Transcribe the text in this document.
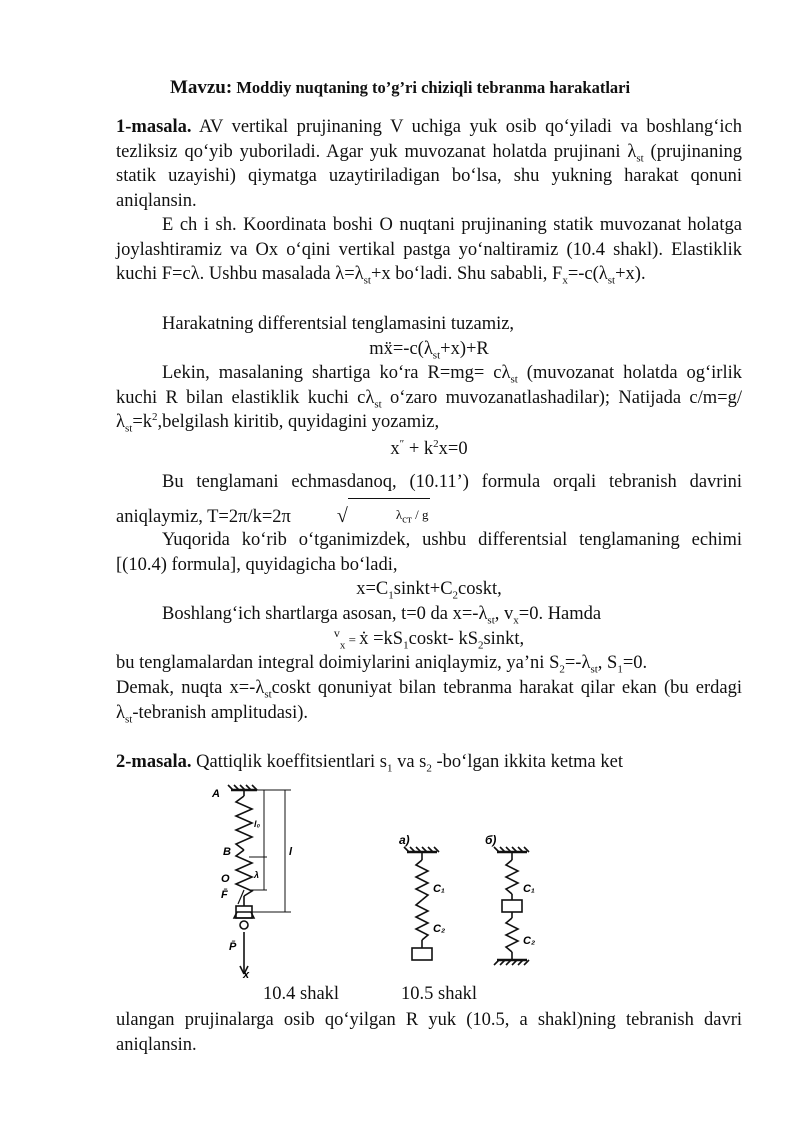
Mavzu: Moddiy nuqtaning to’g’ri chiziqli tebranma harakatlari

1-masala. AV vertikal prujinaning V uchiga yuk osib qo‘yiladi va boshlang‘ich tezliksiz qo‘yib yuboriladi. Agar yuk muvozanat holatda prujinani $\lambda_{st}$ (prujinaning statik uzayishi) qiymatga uzaytiriladigan bo‘lsa, shu yukning harakat qonuni aniqlansin.

E ch i sh. Koordinata boshi O nuqtani prujinaning statik muvozanat holatga joylashtiramiz va Ox o‘qini vertikal pastga yo‘naltiramiz (10.4 shakl). Elastiklik kuchi F=cλ. Ushbu masalada $\lambda=\lambda_{st}+x$ bo‘ladi. Shu sababli, $F_x=-c(\lambda_{st}+x)$.

Harakatning differentsial tenglamasini tuzamiz,

$mẍ=-c(\lambda_{st}+x)+R$

Lekin, masalaning shartiga ko‘ra $R=mg= c\lambda_{st}$ (muvozanat holatda og‘irlik kuchi R bilan elastiklik kuchi $c\lambda_{st}$ o‘zaro muvozanatlashadilar); Natijada $c/m=g/\lambda_{st}=k^2,belgilash$ kiritib, quyidagini yozamiz,

$x'' + k^2x=0$

Bu tenglamani echmasdanoq, (10.11’) formula orqali tebranish davrini aniqlaymiz, T=2π/k=2π √	$\lambda_{ст}$ / g

Yuqorida ko‘rib o‘tganimizdek, ushbu differentsial tenglamaning echimi [(10.4) formula], quyidagicha bo‘ladi,

$x=C_1sinkt+C_2coskt$,

Boshlang‘ich shartlarga asosan, t=0 da $x=-\lambda_{st}$, $v_x=0$. Hamda

$^v_x$ = ẋ $=kS_1coskt-$ $kS_2sinkt$,

bu tenglamalardan integral doimiylarini aniqlaymiz, ya’ni $S_2=-\lambda_{st}$, $S_1=0$.

Demak, nuqta $x=-\lambda_{st}coskt$ qonuniyat bilan tebranma harakat qilar ekan (bu erdagi $\lambda_{st}$-tebranish amplitudasi).

2-masala. Qattiqlik koeffitsientlari $s_1$ va $s_2$ -bo‘lgan ikkita ketma ket

A
B
O
F̄
P̄
x
l
l₀
λ
a)	б)
C₁
C₂
C₁
C₂
10.4 shakl	10.5 shakl

ulangan prujinalarga osib qo‘yilgan R yuk (10.5, a shakl)ning tebranish davri aniqlansin.
